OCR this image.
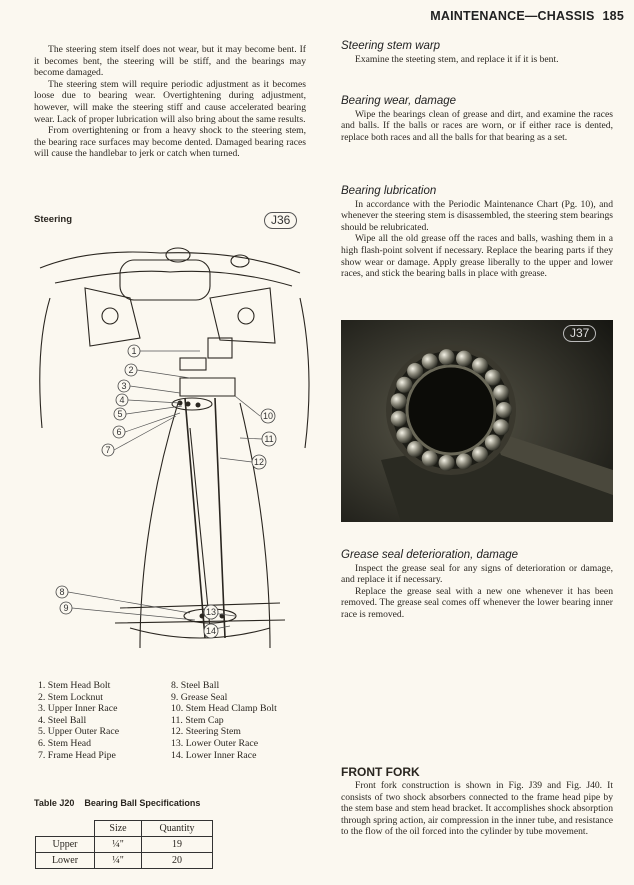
MAINTENANCE—CHASSIS 185

The steering stem itself does not wear, but it may become bent. If it becomes bent, the steering will be stiff, and the bearings may become damaged.

The steering stem will require periodic adjustment as it becomes loose due to bearing wear. Overtightening during adjustment, however, will make the steering stiff and cause accelerated bearing wear. Lack of proper lubrication will also bring about the same results.

From overtightening or from a heavy shock to the steering stem, the bearing race surfaces may become dented. Damaged bearing races will cause the handlebar to jerk or catch when turned.

Steering	J36
1
2
3
4
5
6
7
8
9
10
11
12
13
14
1. Stem Head Bolt
2. Stem Locknut
3. Upper Inner Race
4. Steel Ball
5. Upper Outer Race
6. Stem Head
7. Frame Head Pipe
8. Steel Ball
9. Grease Seal
10. Stem Head Clamp Bolt
11. Stem Cap
12. Steering Stem
13. Lower Outer Race
14. Lower Inner Race
Table J20    Bearing Ball Specifications
	Size	Quantity
Upper	¼"	19
Lower	¼"	20
Steering stem warp

Examine the steeting stem, and replace it if it is bent.

Bearing wear, damage

Wipe the bearings clean of grease and dirt, and examine the races and balls. If the balls or races are worn, or if either race is dented, replace both races and all the balls for that bearing as a set.

Bearing lubrication

In accordance with the Periodic Maintenance Chart (Pg. 10), and whenever the steering stem is disassembled, the steering stem bearings should be relubricated.

Wipe all the old grease off the races and balls, washing them in a high flash-point solvent if necessary. Replace the bearing parts if they show wear or damage. Apply grease liberally to the upper and lower races, and stick the bearing balls in place with grease.

J37
Grease seal deterioration, damage

Inspect the grease seal for any signs of deterioration or damage, and replace it if necessary.

Replace the grease seal with a new one whenever it has been removed. The grease seal comes off whenever the lower bearing inner race is removed.

FRONT FORK

Front fork construction is shown in Fig. J39 and Fig. J40. It consists of two shock absorbers connected to the frame head pipe by the stem base and stem head bracket. It accomplishes shock absorption through spring action, air compression in the inner tube, and resistance to the flow of the oil forced into the cylinder by tube movement.
